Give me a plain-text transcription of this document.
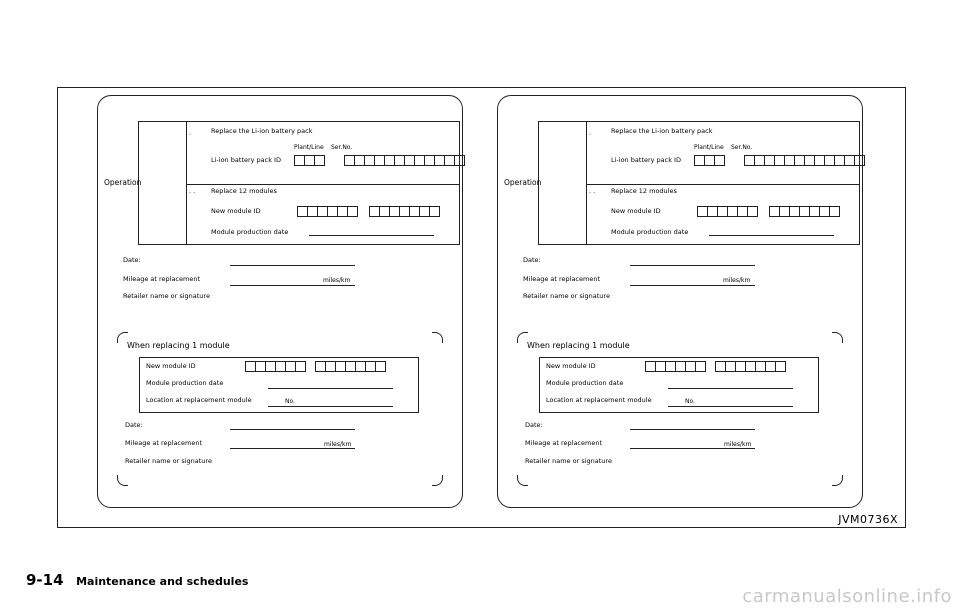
Operation
.	Replace the Li-ion battery pack
Plant/Line Ser.No.
Li-ion battery pack ID
. . Replace 12 modules
New module ID
Module production date
Date:
Mileage at replacement	miles/km
Retailer name or signature
When replacing 1 module
New module ID
Module production date
Location at replacement module	No.
Date:
Mileage at replacement	miles/km
Retailer name or signature
Operation
.	Replace the Li-ion battery pack
Plant/Line Ser.No.
Li-ion battery pack ID
. . Replace 12 modules
New module ID
Module production date
Date:
Mileage at replacement	miles/km
Retailer name or signature
When replacing 1 module
New module ID
Module production date
Location at replacement module	No.
Date:
Mileage at replacement	miles/km
Retailer name or signature
JVM0736X
9-14 Maintenance and schedules
carmanualsonline.info
